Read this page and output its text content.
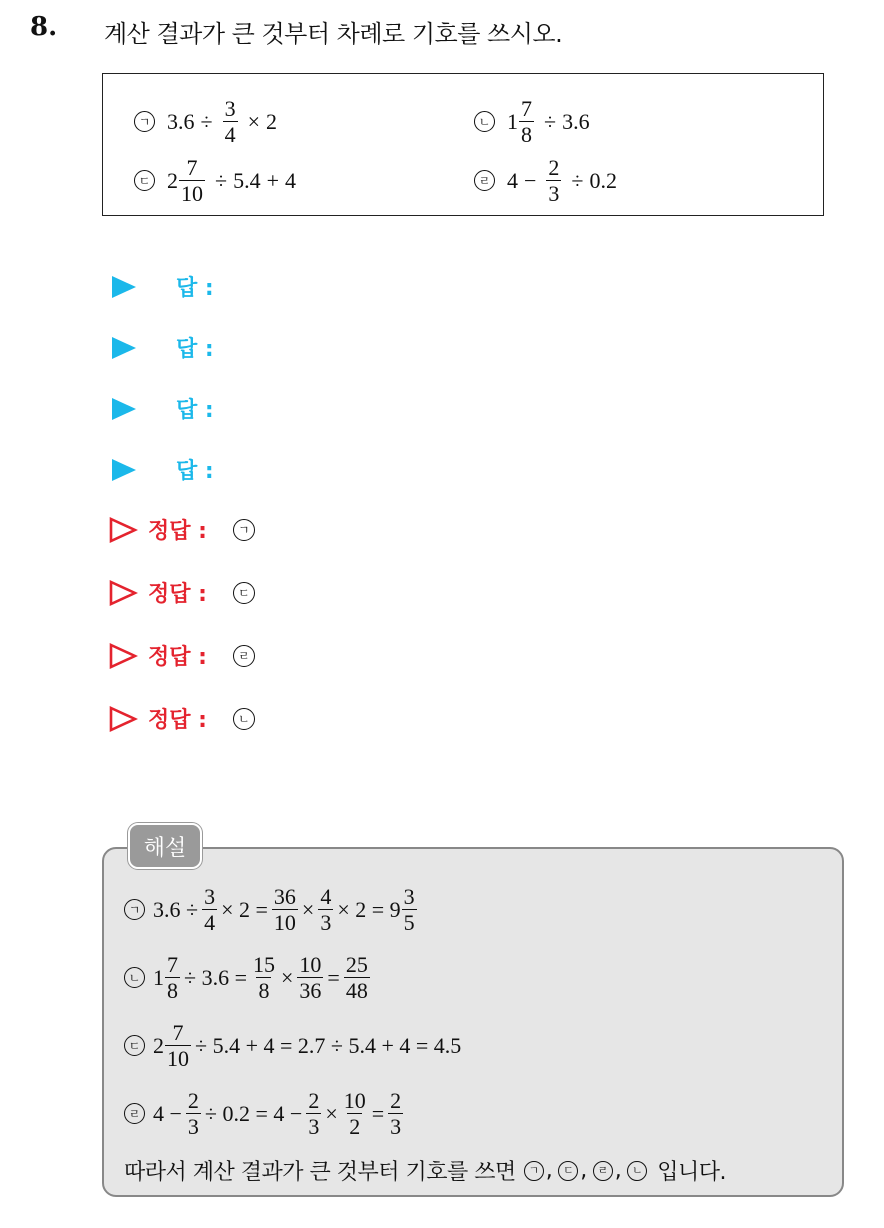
8. 계산 결과가 큰 것부터 차례로 기호를 쓰시오.
ㄱ $3.6 \div \frac{3}{4} \times 2$	ㄴ $1 \frac{7}{8} \div 3.6$
ㄷ $2 \frac{7}{10} \div 5.4 + 4$	ㄹ $4 - \frac{2}{3} \div 0.2$
답 :
답 :
답 :
답 :
정답 :	ㄱ
정답 :	ㄷ
정답 :	ㄹ
정답 :	ㄴ
해설
ㄱ $3.6 \div \frac{3}{4} \times 2 = \frac{36}{10} \times \frac{4}{3} \times 2 = 9 \frac{3}{5}$
ㄴ $1 \frac{7}{8} \div 3.6 = \frac{15}{8} \times \frac{10}{36} = \frac{25}{48}$
ㄷ $2 \frac{7}{10} \div 5.4 + 4 = 2.7 \div 5.4 + 4 = 4.5$
ㄹ $4 - \frac{2}{3} \div 0.2 = 4 - \frac{2}{3} \times \frac{10}{2} = \frac{2}{3}$
따라서 계산 결과가 큰 것부터 기호를 쓰면	ㄱ , ㄷ , ㄹ , ㄴ 입니다.
